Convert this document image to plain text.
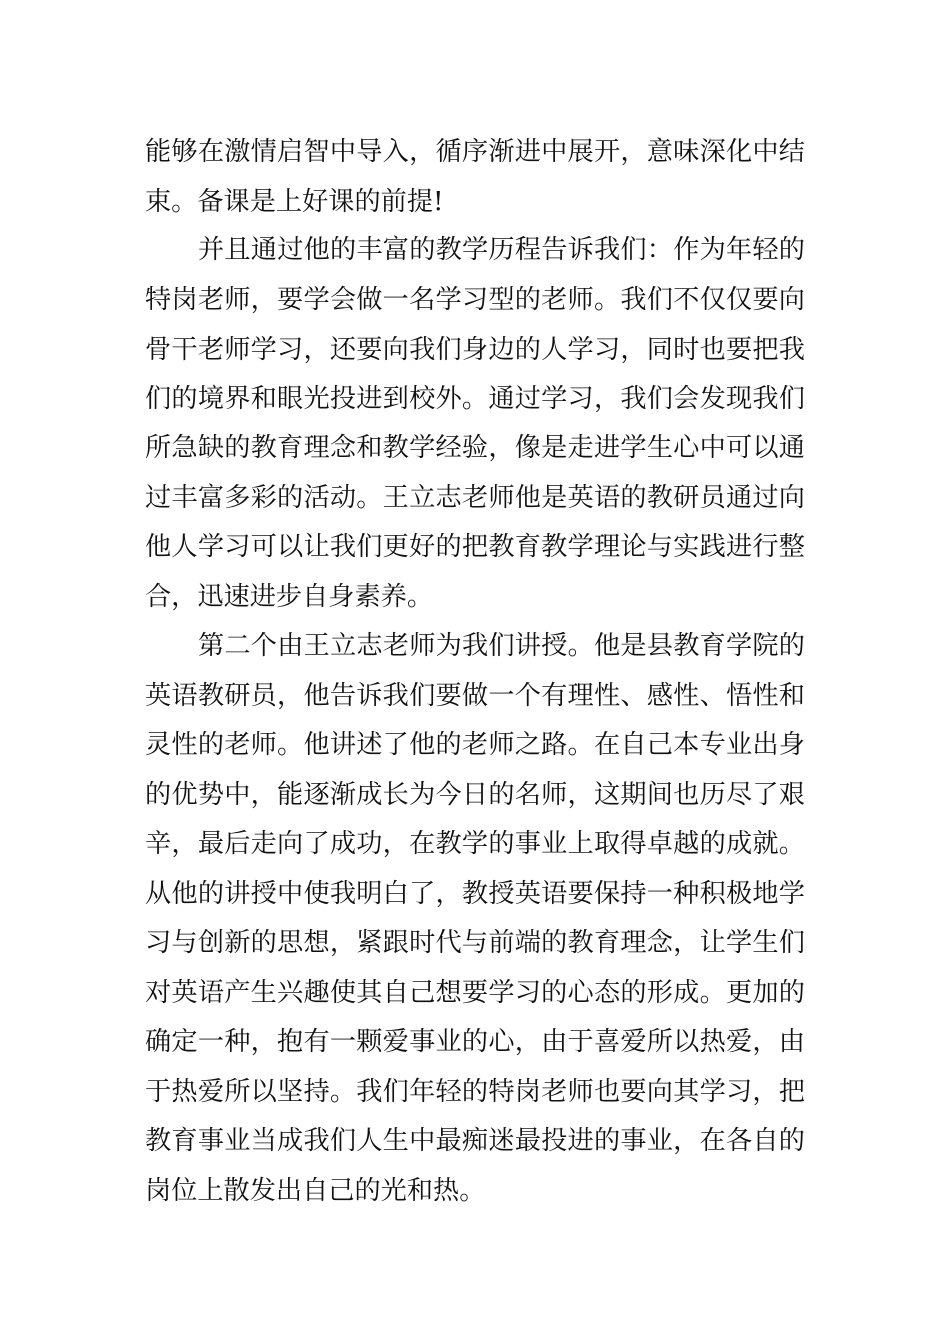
能够在激情启智中导入，循序渐进中展开，意味深化中结

束。备课是上好课的前提!

并且通过他的丰富的教学历程告诉我们：作为年轻的

特岗老师，要学会做一名学习型的老师。我们不仅仅要向

骨干老师学习，还要向我们身边的人学习，同时也要把我

们的境界和眼光投进到校外。通过学习，我们会发现我们

所急缺的教育理念和教学经验，像是走进学生心中可以通

过丰富多彩的活动。王立志老师他是英语的教研员通过向

他人学习可以让我们更好的把教育教学理论与实践进行整

合，迅速进步自身素养。

第二个由王立志老师为我们讲授。他是县教育学院的

英语教研员，他告诉我们要做一个有理性、感性、悟性和

灵性的老师。他讲述了他的老师之路。在自己本专业出身

的优势中，能逐渐成长为今日的名师，这期间也历尽了艰

辛，最后走向了成功，在教学的事业上取得卓越的成就。

从他的讲授中使我明白了，教授英语要保持一种积极地学

习与创新的思想，紧跟时代与前端的教育理念，让学生们

对英语产生兴趣使其自己想要学习的心态的形成。更加的

确定一种，抱有一颗爱事业的心，由于喜爱所以热爱，由

于热爱所以坚持。我们年轻的特岗老师也要向其学习，把

教育事业当成我们人生中最痴迷最投进的事业，在各自的

岗位上散发出自己的光和热。
